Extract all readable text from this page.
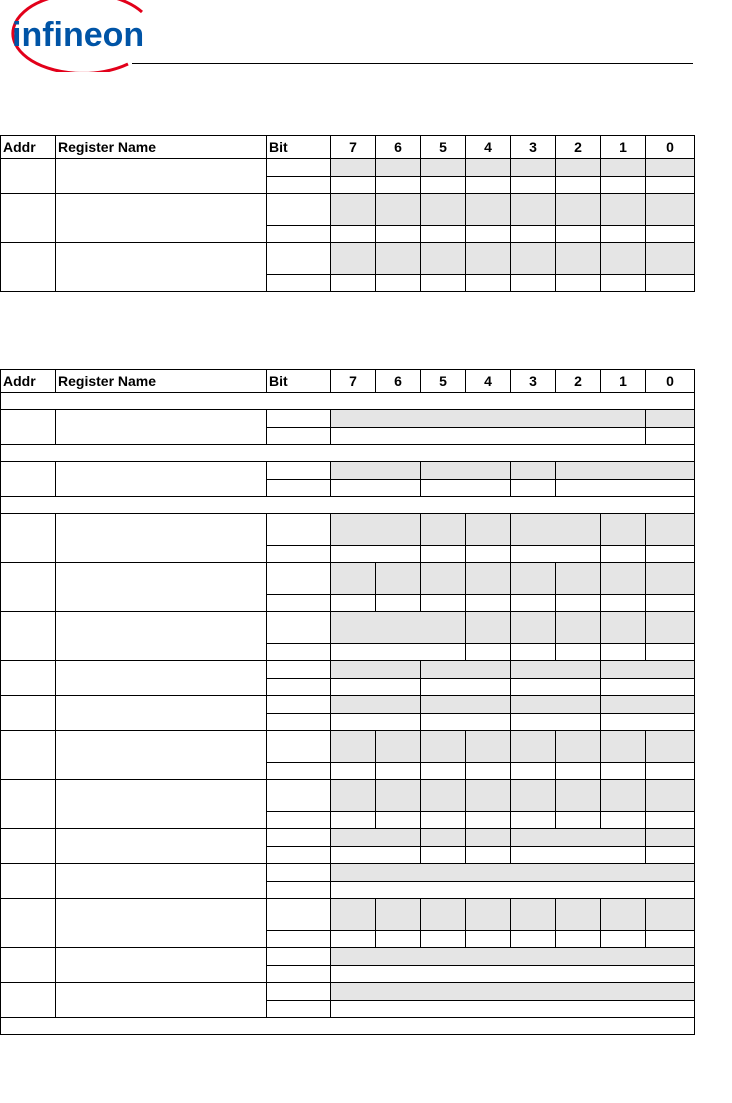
infineon
Addr	Register Name	Bit	7	6	5	4	3	2	1	0

Addr	Register Name	Bit	7	6	5	4	3	2	1	0
